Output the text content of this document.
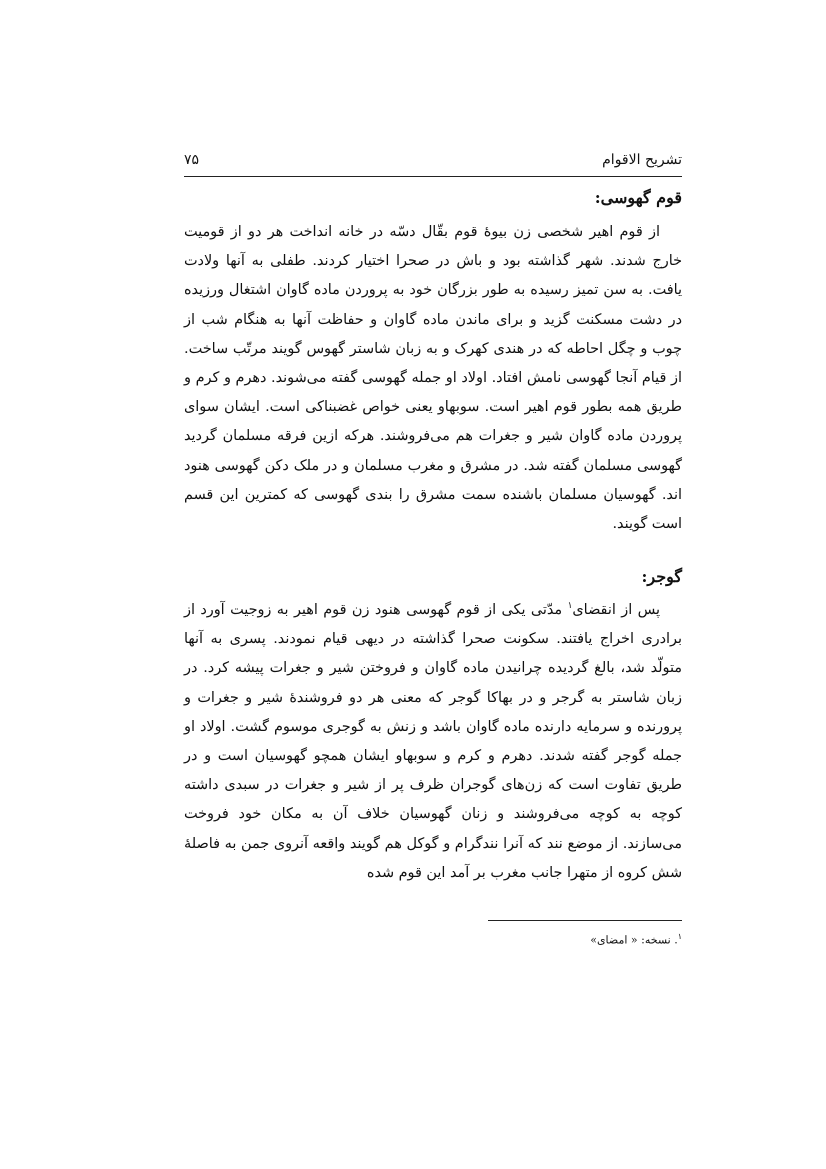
تشریح الاقوام
۷۵
قوم گهوسی:

از قوم اهیر شخصی زن بیوهٔ قوم بقّال دسّه در خانه انداخت هر دو از قومیت خارج شدند. شهر گذاشته بود و باش در صحرا اختیار کردند. طفلی به آنها ولادت یافت. به سن تمیز رسیده به طور بزرگان خود به پروردن ماده گاوان اشتغال ورزیده در دشت مسکنت گزید و برای ماندن ماده گاوان و حفاظت آنها به هنگام شب از چوب و چگل احاطه که در هندی کهرک و به زبان شاستر گهوس گویند مرتّب ساخت. از قیام آنجا گهوسی نامش افتاد. اولاد او جمله گهوسی گفته می‌شوند. دهرم و کرم و طریق همه بطور قوم اهیر است. سوبهاو یعنی خواص غضبناکی است. ایشان سوای پروردن ماده گاوان شیر و جغرات هم می‌فروشند. هرکه ازین فرقه مسلمان گردید گهوسی مسلمان گفته شد. در مشرق و مغرب مسلمان و در ملک دکن گهوسی هنود اند. گهوسیان مسلمان باشنده سمت مشرق را بندی گهوسی که کمترین این قسم است گویند.

گوجر:

پس از انقضای$^۱$ مدّتی یکی از قوم گهوسی هنود زن قوم اهیر به زوجیت آورد از برادری اخراج یافتند. سکونت صحرا گذاشته در دیهی قیام نمودند. پسری به آنها متولّد شد، بالغ گردیده چرانیدن ماده گاوان و فروختن شیر و جغرات پیشه کرد. در زبان شاستر به گرجر و در بهاکا گوجر که معنی هر دو فروشندهٔ شیر و جغرات و پرورنده و سرمایه دارنده ماده گاوان باشد و زنش به گوجری موسوم گشت. اولاد او جمله گوجر گفته شدند. دهرم و کرم و سوبهاو ایشان همچو گهوسیان است و در طریق تفاوت است که زن‌های گوجران ظرف پر از شیر و جغرات در سبدی داشته کوچه به کوچه می‌فروشند و زنان گهوسیان خلاف آن به مکان خود فروخت می‌سازند. از موضع نند که آنرا نندگرام و گوکل هم گویند واقعه آنروی جمن به فاصلهٔ شش کروه از متهرا جانب مغرب بر آمد این قوم شده

$^۱$. نسخه: « امضای»
